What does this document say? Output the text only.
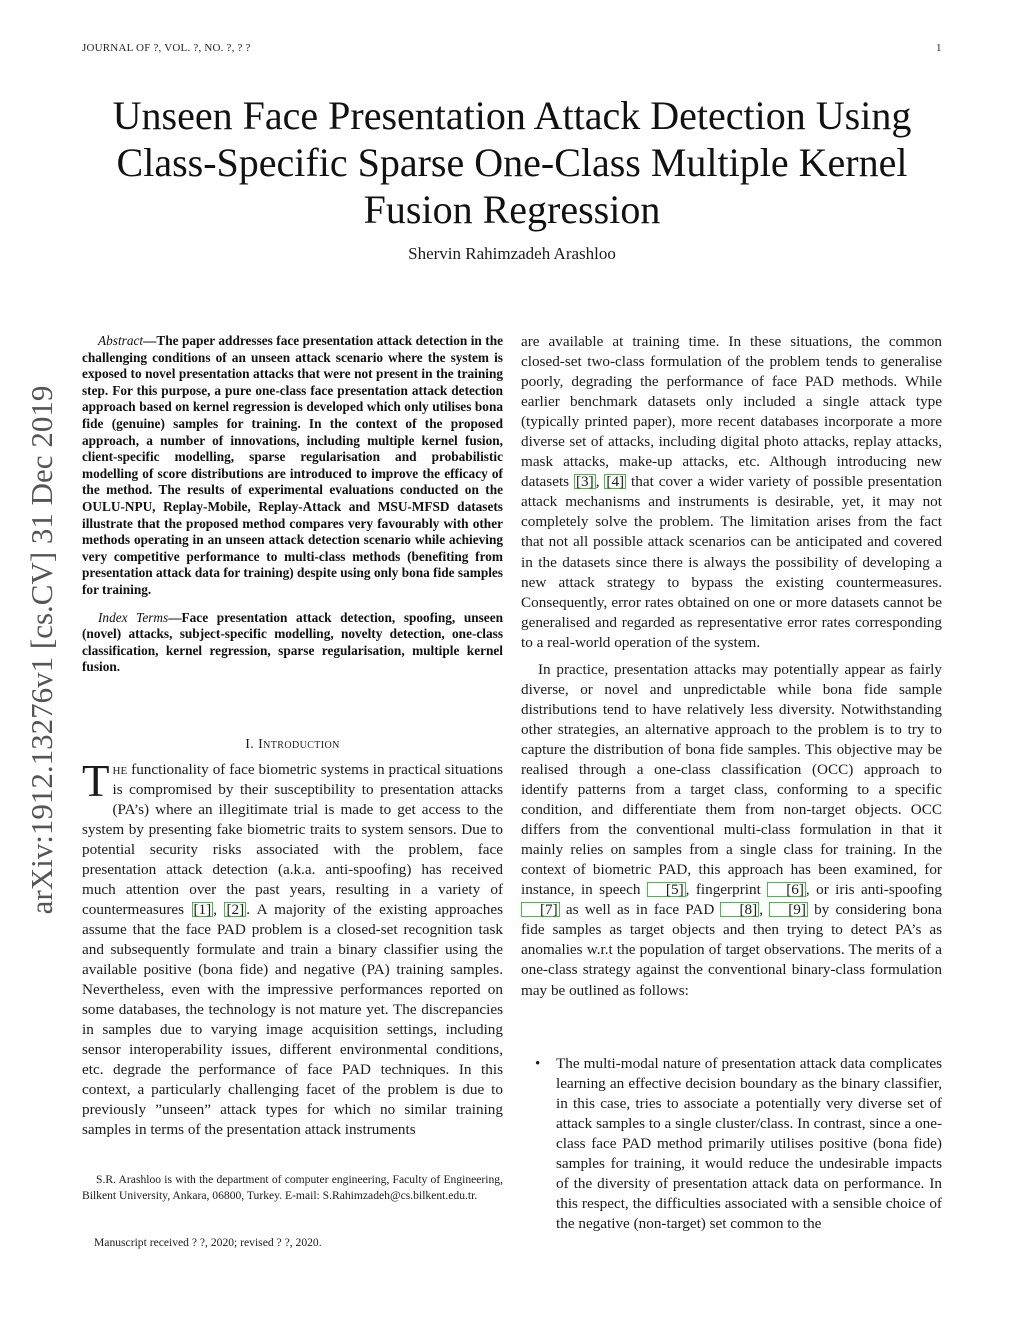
JOURNAL OF ?, VOL. ?, NO. ?, ? ?	1
Unseen Face Presentation Attack Detection Using Class-Specific Sparse One-Class Multiple Kernel Fusion Regression
Shervin Rahimzadeh Arashloo
arXiv:1912.13276v1 [cs.CV] 31 Dec 2019

Abstract—The paper addresses face presentation attack detection in the challenging conditions of an unseen attack scenario where the system is exposed to novel presentation attacks that were not present in the training step. For this purpose, a pure one-class face presentation attack detection approach based on kernel regression is developed which only utilises bona fide (genuine) samples for training. In the context of the proposed approach, a number of innovations, including multiple kernel fusion, client-specific modelling, sparse regularisation and probabilistic modelling of score distributions are introduced to improve the efficacy of the method. The results of experimental evaluations conducted on the OULU-NPU, Replay-Mobile, Replay-Attack and MSU-MFSD datasets illustrate that the proposed method compares very favourably with other methods operating in an unseen attack detection scenario while achieving very competitive performance to multi-class methods (benefiting from presentation attack data for training) despite using only bona fide samples for training.

Index Terms—Face presentation attack detection, spoofing, unseen (novel) attacks, subject-specific modelling, novelty detection, one-class classification, kernel regression, sparse regularisation, multiple kernel fusion.

I. Introduction

The functionality of face biometric systems in practical situations is compromised by their susceptibility to presentation attacks (PA’s) where an illegitimate trial is made to get access to the system by presenting fake biometric traits to system sensors. Due to potential security risks associated with the problem, face presentation attack detection (a.k.a. anti-spoofing) has received much attention over the past years, resulting in a variety of countermeasures [1] , [2] . A majority of the existing approaches assume that the face PAD problem is a closed-set recognition task and subsequently formulate and train a binary classifier using the available positive (bona fide) and negative (PA) training samples. Nevertheless, even with the impressive performances reported on some databases, the technology is not mature yet. The discrepancies in samples due to varying image acquisition settings, including sensor interoperability issues, different environmental conditions, etc. degrade the performance of face PAD techniques. In this context, a particularly challenging facet of the problem is due to previously ”unseen” attack types for which no similar training samples in terms of the presentation attack instruments

S.R. Arashloo is with the department of computer engineering, Faculty of Engineering, Bilkent University, Ankara, 06800, Turkey. E-mail: S.Rahimzadeh@cs.bilkent.edu.tr.
Manuscript received ? ?, 2020; revised ? ?, 2020.

are available at training time. In these situations, the common closed-set two-class formulation of the problem tends to generalise poorly, degrading the performance of face PAD methods. While earlier benchmark datasets only included a single attack type (typically printed paper), more recent databases incorporate a more diverse set of attacks, including digital photo attacks, replay attacks, mask attacks, make-up attacks, etc. Although introducing new datasets [3] , [4] that cover a wider variety of possible presentation attack mechanisms and instruments is desirable, yet, it may not completely solve the problem. The limitation arises from the fact that not all possible attack scenarios can be anticipated and covered in the datasets since there is always the possibility of developing a new attack strategy to bypass the existing countermeasures. Consequently, error rates obtained on one or more datasets cannot be generalised and regarded as representative error rates corresponding to a real-world operation of the system.

In practice, presentation attacks may potentially appear as fairly diverse, or novel and unpredictable while bona fide sample distributions tend to have relatively less diversity. Notwithstanding other strategies, an alternative approach to the problem is to try to capture the distribution of bona fide samples. This objective may be realised through a one-class classification (OCC) approach to identify patterns from a target class, conforming to a specific condition, and differentiate them from non-target objects. OCC differs from the conventional multi-class formulation in that it mainly relies on samples from a single class for training. In the context of biometric PAD, this approach has been examined, for instance, in speech [5] , fingerprint [6] , or iris anti-spoofing [7] as well as in face PAD [8] , [9] by considering bona fide samples as target objects and then trying to detect PA’s as anomalies w.r.t the population of target observations. The merits of a one-class strategy against the conventional binary-class formulation may be outlined as follows:

• The multi-modal nature of presentation attack data complicates learning an effective decision boundary as the binary classifier, in this case, tries to associate a potentially very diverse set of attack samples to a single cluster/class. In contrast, since a one-class face PAD method primarily utilises positive (bona fide) samples for training, it would reduce the undesirable impacts of the diversity of presentation attack data on performance. In this respect, the difficulties associated with a sensible choice of the negative (non-target) set common to the
